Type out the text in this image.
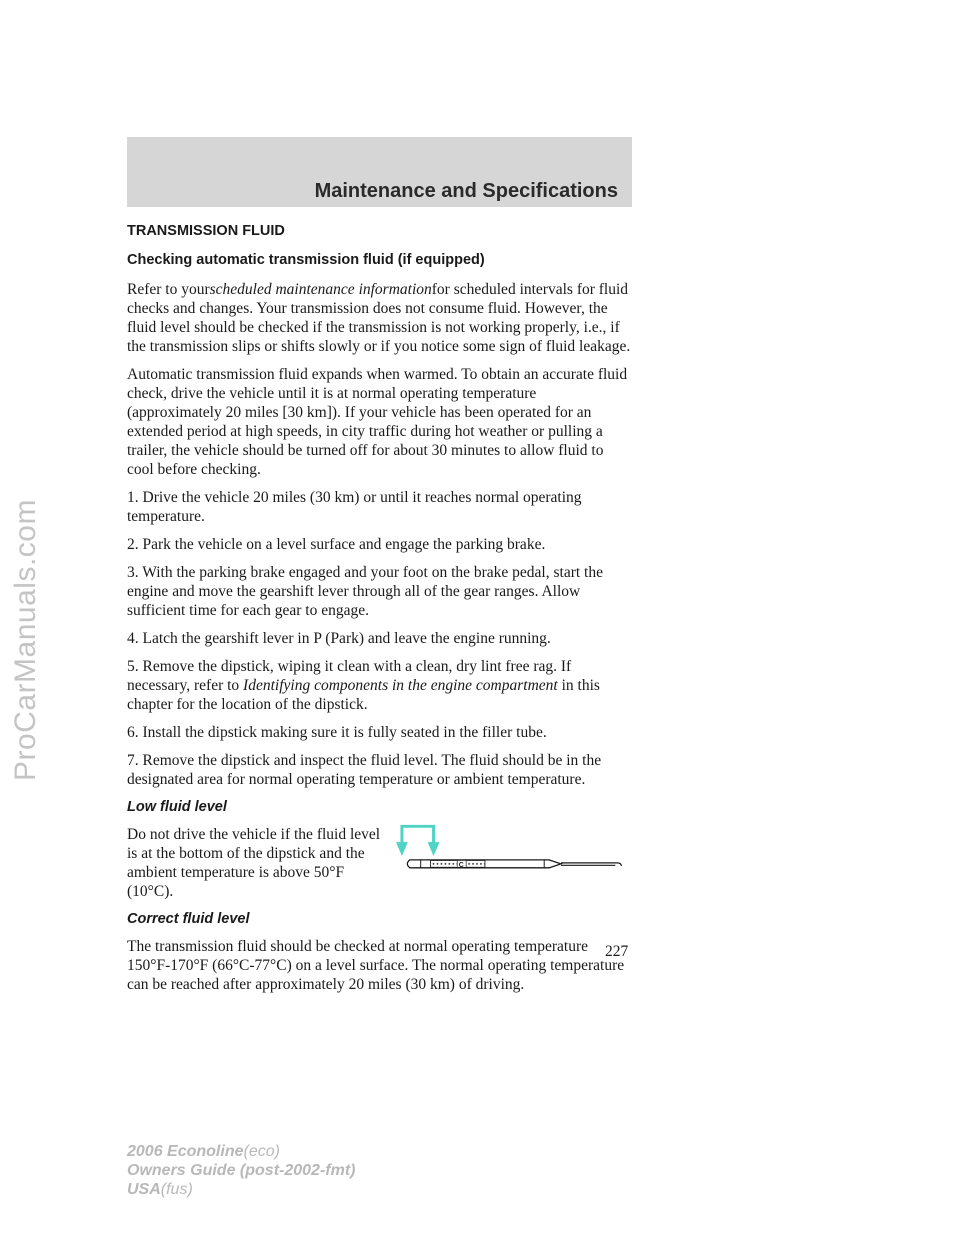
ProCarManuals.com
Maintenance and Specifications
TRANSMISSION FLUID
Checking automatic transmission fluid (if equipped)

Refer to yourscheduled maintenance informationfor scheduled intervals for fluid checks and changes. Your transmission does not consume fluid. However, the fluid level should be checked if the transmission is not working properly, i.e., if the transmission slips or shifts slowly or if you notice some sign of fluid leakage.

Automatic transmission fluid expands when warmed. To obtain an accurate fluid check, drive the vehicle until it is at normal operating temperature (approximately 20 miles [30 km]). If your vehicle has been operated for an extended period at high speeds, in city traffic during hot weather or pulling a trailer, the vehicle should be turned off for about 30 minutes to allow fluid to cool before checking.

1. Drive the vehicle 20 miles (30 km) or until it reaches normal operating temperature.

2. Park the vehicle on a level surface and engage the parking brake.

3. With the parking brake engaged and your foot on the brake pedal, start the engine and move the gearshift lever through all of the gear ranges. Allow sufficient time for each gear to engage.

4. Latch the gearshift lever in P (Park) and leave the engine running.

5. Remove the dipstick, wiping it clean with a clean, dry lint free rag. If necessary, refer to Identifying components in the engine compartment in this chapter for the location of the dipstick.

6. Install the dipstick making sure it is fully seated in the filler tube.

7. Remove the dipstick and inspect the fluid level. The fluid should be in the designated area for normal operating temperature or ambient temperature.

Low fluid level
Do not drive the vehicle if the fluid level is at the bottom of the dipstick and the ambient temperature is above 50°F (10°C).
C
Correct fluid level

The transmission fluid should be checked at normal operating temperature 150°F-170°F (66°C-77°C) on a level surface. The normal operating temperature can be reached after approximately 20 miles (30 km) of driving.

227
2006 Econoline(eco)
Owners Guide (post-2002-fmt)
USA(fus)
